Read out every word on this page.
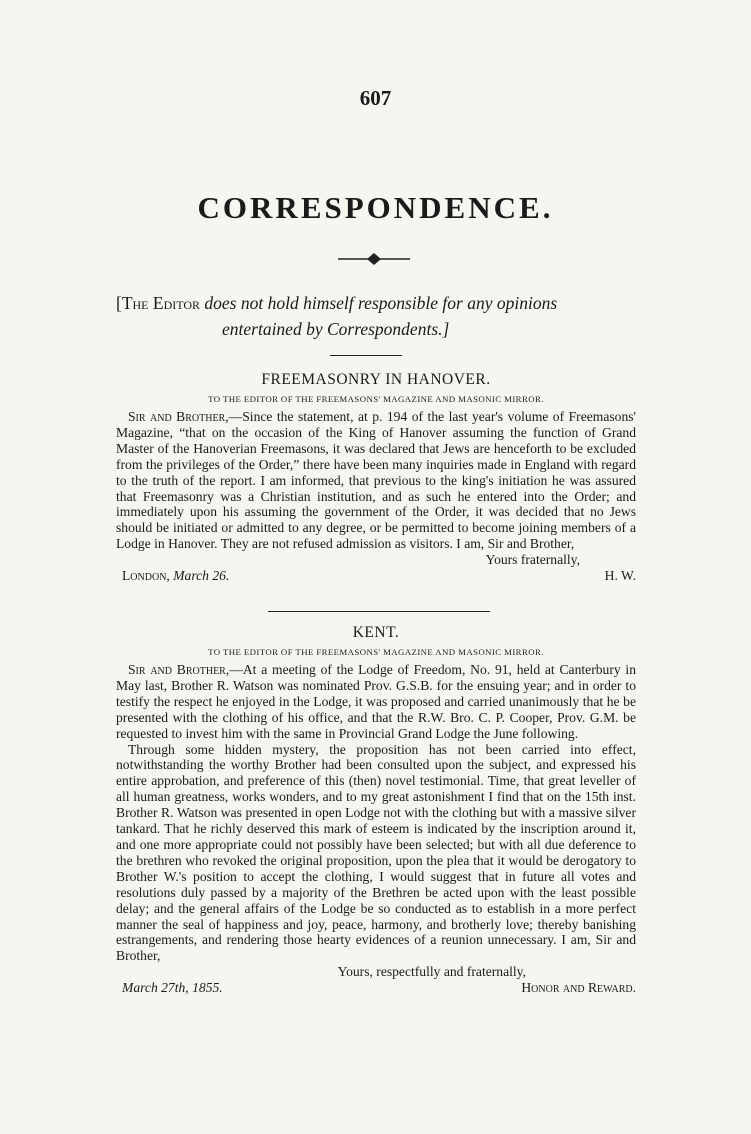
607
CORRESPONDENCE.
[The Editor does not hold himself responsible for any opinions
entertained by Correspondents.]
FREEMASONRY IN HANOVER.
TO THE EDITOR OF THE FREEMASONS' MAGAZINE AND MASONIC MIRROR.

Sir and Brother,—Since the statement, at p. 194 of the last year's volume of Freemasons' Magazine, “that on the occasion of the King of Hanover assuming the function of Grand Master of the Hanoverian Freemasons, it was declared that Jews are henceforth to be excluded from the privileges of the Order,” there have been many inquiries made in England with regard to the truth of the report. I am informed, that previous to the king's initiation he was assured that Freemasonry was a Christian institution, and as such he entered into the Order; and immediately upon his assuming the government of the Order, it was decided that no Jews should be initiated or admitted to any degree, or be permitted to become joining members of a Lodge in Hanover. They are not refused admission as visitors. I am, Sir and Brother,

Yours fraternally,
London, March 26.	H. W.
KENT.
TO THE EDITOR OF THE FREEMASONS' MAGAZINE AND MASONIC MIRROR.

Sir and Brother,—At a meeting of the Lodge of Freedom, No. 91, held at Canterbury in May last, Brother R. Watson was nominated Prov. G.S.B. for the ensuing year; and in order to testify the respect he enjoyed in the Lodge, it was proposed and carried unanimously that he be presented with the clothing of his office, and that the R.W. Bro. C. P. Cooper, Prov. G.M. be requested to invest him with the same in Provincial Grand Lodge the June following.

Through some hidden mystery, the proposition has not been carried into effect, notwithstanding the worthy Brother had been consulted upon the subject, and expressed his entire approbation, and preference of this (then) novel testimonial. Time, that great leveller of all human greatness, works wonders, and to my great astonishment I find that on the 15th inst. Brother R. Watson was presented in open Lodge not with the clothing but with a massive silver tankard. That he richly deserved this mark of esteem is indicated by the inscription around it, and one more appropriate could not possibly have been selected; but with all due deference to the brethren who revoked the original proposition, upon the plea that it would be derogatory to Brother W.'s position to accept the clothing, I would suggest that in future all votes and resolutions duly passed by a majority of the Brethren be acted upon with the least possible delay; and the general affairs of the Lodge be so conducted as to establish in a more perfect manner the seal of happiness and joy, peace, harmony, and brotherly love; thereby banishing estrangements, and rendering those hearty evidences of a reunion unnecessary. I am, Sir and Brother,

Yours, respectfully and fraternally,
March 27th, 1855.	Honor and Reward.
